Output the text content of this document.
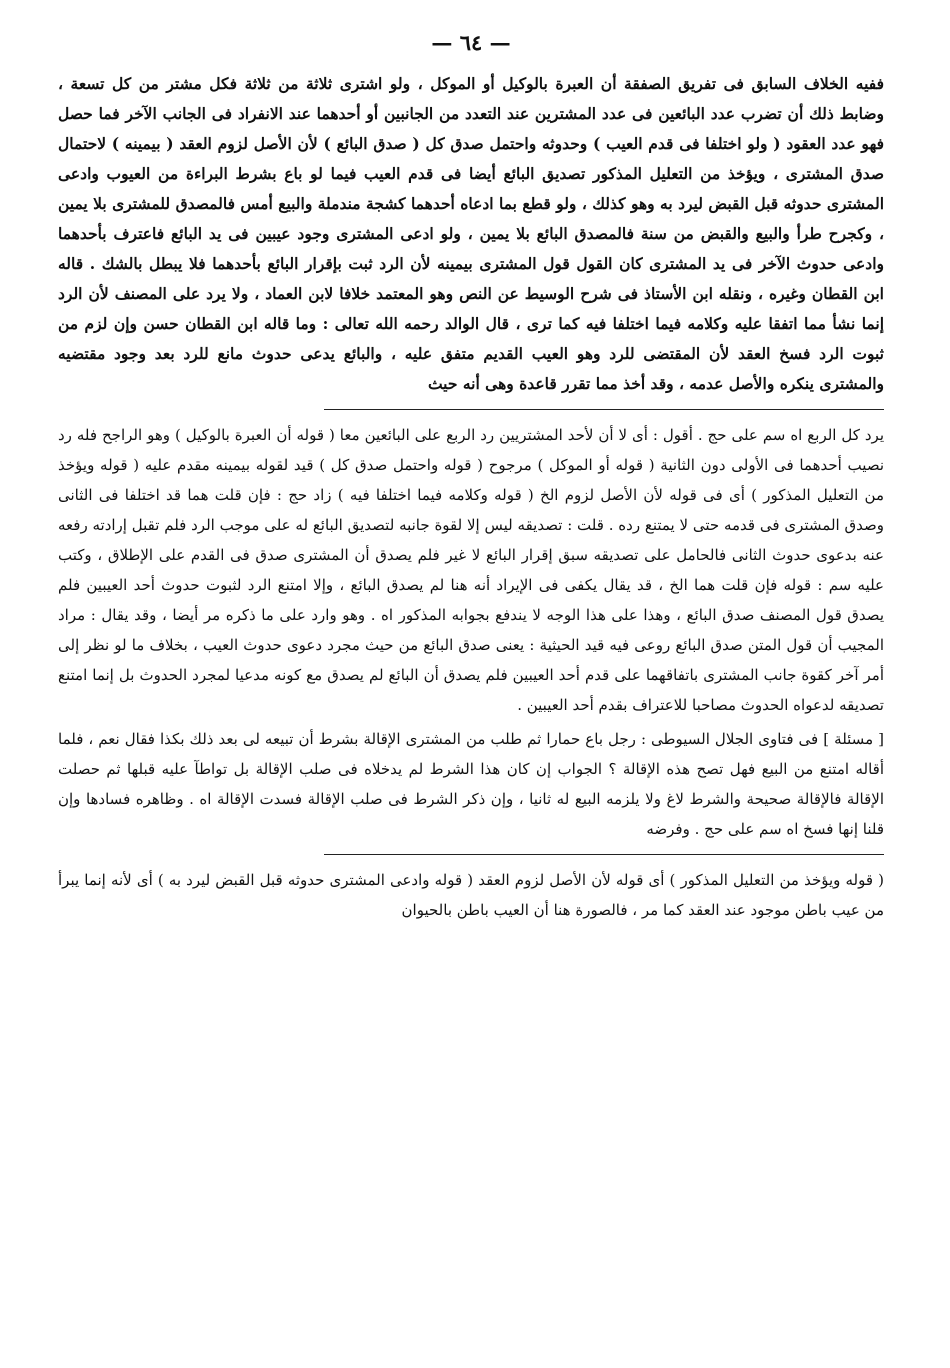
— ٦٤ —

ففيه الخلاف السابق فى تفريق الصفقة أن العبرة بالوكيل أو الموكل ، ولو اشترى ثلاثة من ثلاثة فكل مشتر من كل تسعة ، وضابط ذلك أن تضرب عدد البائعين فى عدد المشترين عند التعدد من الجانبين أو أحدهما عند الانفراد فى الجانب الآخر فما حصل فهو عدد العقود ( ولو اختلفا فى قدم العيب ) وحدوثه واحتمل صدق كل ( صدق البائع ) لأن الأصل لزوم العقد ( بيمينه ) لاحتمال صدق المشترى ، ويؤخذ من التعليل المذكور تصديق البائع أيضا فى قدم العيب فيما لو باع بشرط البراءة من العيوب وادعى المشترى حدوثه قبل القبض ليرد به وهو كذلك ، ولو قطع بما ادعاه أحدهما كشجة مندملة والبيع أمس فالمصدق للمشترى بلا يمين ، وكجرح طرأ والبيع والقبض من سنة فالمصدق البائع بلا يمين ، ولو ادعى المشترى وجود عيبين فى يد البائع فاعترف بأحدهما وادعى حدوث الآخر فى يد المشترى كان القول قول المشترى بيمينه لأن الرد ثبت بإقرار البائع بأحدهما فلا يبطل بالشك . قاله ابن القطان وغيره ، ونقله ابن الأستاذ فى شرح الوسيط عن النص وهو المعتمد خلافا لابن العماد ، ولا يرد على المصنف لأن الرد إنما نشأ مما اتفقا عليه وكلامه فيما اختلفا فيه كما ترى ، قال الوالد رحمه الله تعالى : وما قاله ابن القطان حسن وإن لزم من ثبوت الرد فسخ العقد لأن المقتضى للرد وهو العيب القديم متفق عليه ، والبائع يدعى حدوث مانع للرد بعد وجود مقتضيه والمشترى ينكره والأصل عدمه ، وقد أخذ مما تقرر قاعدة وهى أنه حيث

يرد كل الربع اه سم على حج . أقول : أى لا أن لأحد المشتريين رد الربع على البائعين معا ( قوله أن العبرة بالوكيل ) وهو الراجح فله رد نصيب أحدهما فى الأولى دون الثانية ( قوله أو الموكل ) مرجوح ( قوله واحتمل صدق كل ) قيد لقوله بيمينه مقدم عليه ( قوله ويؤخذ من التعليل المذكور ) أى فى قوله لأن الأصل لزوم الخ ( قوله وكلامه فيما اختلفا فيه ) زاد حج : فإن قلت هما قد اختلفا فى الثانى وصدق المشترى فى قدمه حتى لا يمتنع رده . قلت : تصديقه ليس إلا لقوة جانبه لتصديق البائع له على موجب الرد فلم تقبل إرادته رفعه عنه بدعوى حدوث الثانى فالحامل على تصديقه سبق إقرار البائع لا غير فلم يصدق أن المشترى صدق فى القدم على الإطلاق ، وكتب عليه سم : قوله فإن قلت هما الخ ، قد يقال يكفى فى الإيراد أنه هنا لم يصدق البائع ، وإلا امتنع الرد لثبوت حدوث أحد العيبين فلم يصدق قول المصنف صدق البائع ، وهذا على هذا الوجه لا يندفع بجوابه المذكور اه . وهو وارد على ما ذكره مر أيضا ، وقد يقال : مراد المجيب أن قول المتن صدق البائع روعى فيه قيد الحيثية : يعنى صدق البائع من حيث مجرد دعوى حدوث العيب ، بخلاف ما لو نظر إلى أمر آخر كقوة جانب المشترى باتفاقهما على قدم أحد العيبين فلم يصدق أن البائع لم يصدق مع كونه مدعيا لمجرد الحدوث بل إنما امتنع تصديقه لدعواه الحدوث مصاحبا للاعتراف بقدم أحد العيبين .

[ مسئلة ] فى فتاوى الجلال السيوطى : رجل باع حمارا ثم طلب من المشترى الإقالة بشرط أن تبيعه لى بعد ذلك بكذا فقال نعم ، فلما أقاله امتنع من البيع فهل تصح هذه الإقالة ؟ الجواب إن كان هذا الشرط لم يدخلاه فى صلب الإقالة بل تواطآ عليه قبلها ثم حصلت الإقالة فالإقالة صحيحة والشرط لاغ ولا يلزمه البيع له ثانيا ، وإن ذكر الشرط فى صلب الإقالة فسدت الإقالة اه . وظاهره فسادها وإن قلنا إنها فسخ اه سم على حج . وفرضه

( قوله ويؤخذ من التعليل المذكور ) أى قوله لأن الأصل لزوم العقد ( قوله وادعى المشترى حدوثه قبل القبض ليرد به ) أى لأنه إنما يبرأ من عيب باطن موجود عند العقد كما مر ، فالصورة هنا أن العيب باطن بالحيوان
